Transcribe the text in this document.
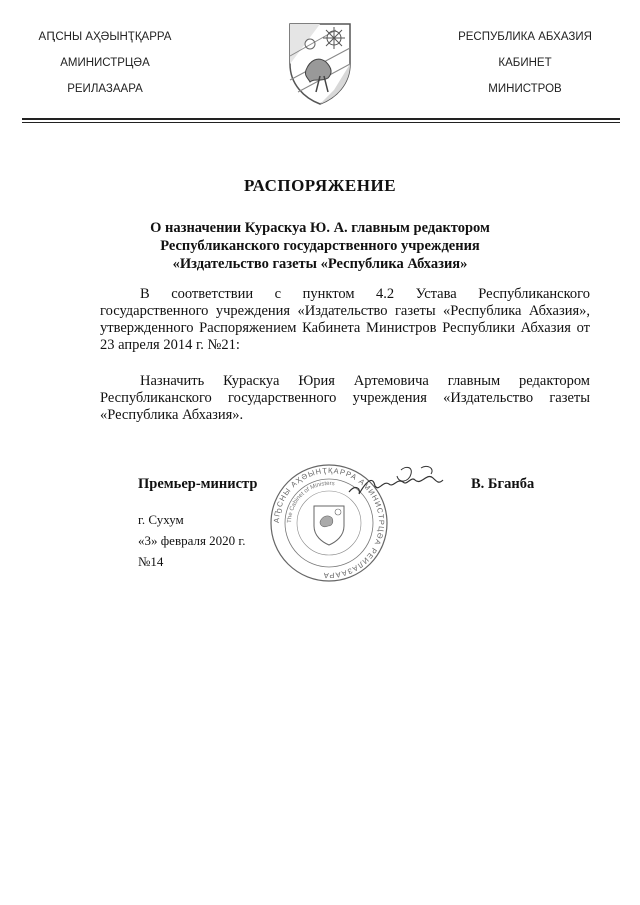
АԤСНЫ АҲӘЫНҬҚАРРА
АМИНИСТРЦӘА
РЕИЛАЗААРА
РЕСПУБЛИКА АБХАЗИЯ
КАБИНЕТ
МИНИСТРОВ
РАСПОРЯЖЕНИЕ
О назначении Кураскуа Ю. А. главным редактором
Республиканского государственного учреждения
«Издательство газеты «Республика Абхазия»
В соответствии с пунктом 4.2 Устава Республиканского государственного учреждения «Издательство газеты «Республика Абхазия», утвержденного Распоряжением Кабинета Министров Республики Абхазия от 23 апреля 2014 г. №21:
Назначить Кураскуа Юрия Артемовича главным редактором Республиканского государственного учреждения «Издательство газеты «Республика Абхазия».
АҦСНЫ АҲӘЫНҬҚАРРА АМИНИСТРЦӘА РЕИЛАЗААРА
The Cabinet of Ministers
Премьер-министр	В. Бганба
г. Сухум
«3» февраля 2020 г.
№14
